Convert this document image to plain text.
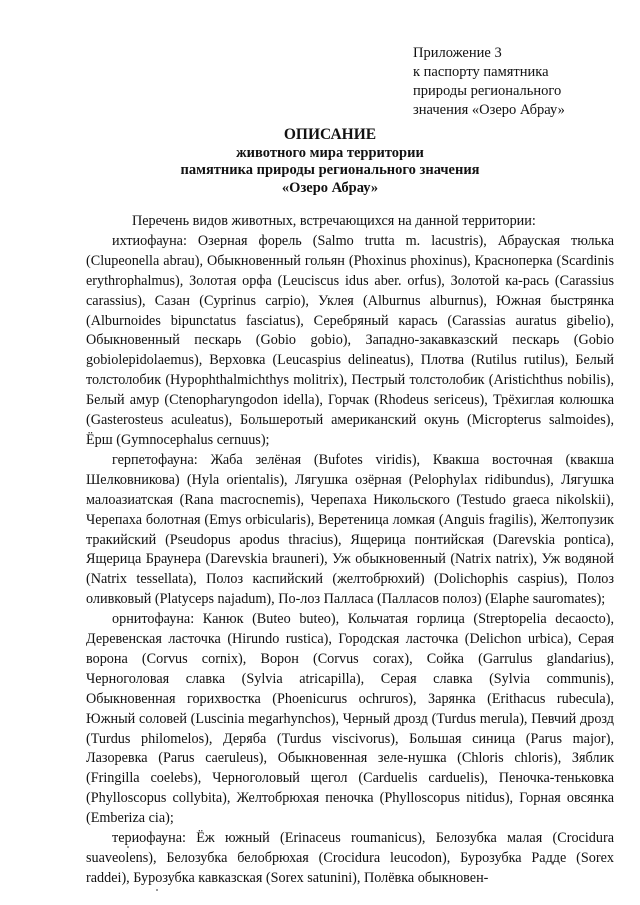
Приложение 3
к паспорту памятника
природы регионального
значения «Озеро Абрау»
ОПИСАНИЕ
животного мира территории
памятника природы регионального значения
«Озеро Абрау»

Перечень видов животных, встречающихся на данной территории:

ихтиофауна: Озерная форель (Salmo trutta m. lacustris), Абрауская тюлька (Clupeonella abrau), Обыкновенный гольян (Phoxinus phoxinus), Красноперка (Scardinis erythrophalmus), Золотая орфа (Leuciscus idus aber. orfus), Золотой ка-рась (Carassius carassius), Сазан (Cyprinus carpio), Уклея (Alburnus alburnus), Южная быстрянка (Alburnoides bipunctatus fasciatus), Серебряный карась (Carassias auratus gibelio), Обыкновенный пескарь (Gobio gobio), Западно-закавказский пескарь (Gobio gobiolepidolaemus), Верховка (Leucaspius delineatus), Плотва (Rutilus rutilus), Белый толстолобик (Hypophthalmichthys molitrix), Пестрый толстолобик (Aristichthus nobilis), Белый амур (Ctenopharyngodon idella), Горчак (Rhodeus sericeus), Трёхиглая колюшка (Gasterosteus aculeatus), Большеротый американский окунь (Micropterus salmoides), Ёрш (Gymnocephalus cernuus);

герпетофауна: Жаба зелёная (Bufotes viridis), Квакша восточная (квакша Шелковникова) (Hyla orientalis), Лягушка озёрная (Pelophylax ridibundus), Лягушка малоазиатская (Rana macrocnemis), Черепаха Никольского (Testudo graeca nikolskii), Черепаха болотная (Emys orbicularis), Веретеница ломкая (Anguis fragilis), Желтопузик тракийский (Pseudopus apodus thracius), Ящерица понтийская (Darevskia pontica), Ящерица Браунера (Darevskia brauneri), Уж обыкновенный (Natrix natrix), Уж водяной (Natrix tessellata), Полоз каспийский (желтобрюхий) (Dolichophis caspius), Полоз оливковый (Platyceps najadum), По-лоз Палласа (Палласов полоз) (Elaphe sauromates);

орнитофауна: Канюк (Buteo buteo), Кольчатая горлица (Streptopelia decaocto), Деревенская ласточка (Hirundo rustica), Городская ласточка (Delichon urbica), Серая ворона (Corvus cornix), Ворон (Corvus corax), Сойка (Garrulus glandarius), Черноголовая славка (Sylvia atricapilla), Серая славка (Sylvia communis), Обыкновенная горихвостка (Phoenicurus ochruros), Зарянка (Erithacus rubecula), Южный соловей (Luscinia megarhynchos), Черный дрозд (Turdus merula), Певчий дрозд (Turdus philomelos), Деряба (Turdus viscivorus), Большая синица (Parus major), Лазоревка (Parus caeruleus), Обыкновенная зеле-нушка (Chloris chloris), Зяблик (Fringilla coelebs), Черноголовый щегол (Carduelis carduelis), Пеночка-теньковка (Phylloscopus collybita), Желтобрюхая пеночка (Phylloscopus nitidus), Горная овсянка (Emberiza cia);

териофауна: Ёж южный (Erinaceus roumanicus), Белозубка малая (Crocidura suaveolens), Белозубка белобрюхая (Crocidura leucodon), Бурозубка Радде (Sorex raddei), Бурозубка кавказская (Sorex satunini), Полёвка обыкновен-
